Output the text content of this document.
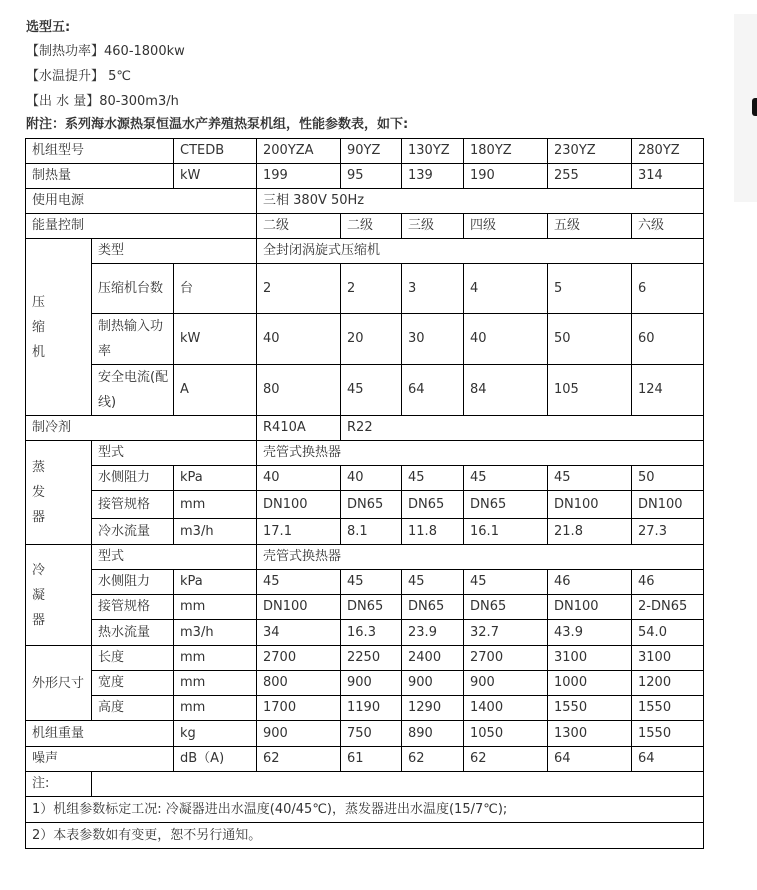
选型五:
【制热功率】460-1800kw
【水温提升】 5℃
【出 水 量】80-300m3/h
附注：系列海水源热泵恒温水产养殖热泵机组，性能参数表，如下:
机组型号		CTEDB	200YZA	90YZ	130YZ	180YZ	230YZ	280YZ
制热量		kW	199	95	139	190	255	314
使用电源			三相 380V 50Hz					
能量控制			二级	二级	三级	四级	五级	六级

压缩机	类型		全封闭涡旋式压缩机					
	压缩机台数	台	2	2	3	4	5	6
	制热输入功率	kW	40	20	30	40	50	60
	安全电流(配线)	A	80	45	64	84	105	124
制冷剂			R410A	R22				

蒸发器	型式		壳管式换热器					
	水侧阻力	kPa	40	40	45	45	45	50
	接管规格	mm	DN100	DN65	DN65	DN65	DN100	DN100
	冷水流量	m3/h	17.1	8.1	11.8	16.1	21.8	27.3

冷凝器	型式		壳管式换热器					
	水侧阻力	kPa	45	45	45	45	46	46
	接管规格	mm	DN100	DN65	DN65	DN65	DN100	2-DN65
	热水流量	m3/h	34	16.3	23.9	32.7	43.9	54.0
外形尺寸	长度	mm	2700	2250	2400	2700	3100	3100
	宽度	mm	800	900	900	900	1000	1200
	高度	mm	1700	1190	1290	1400	1550	1550
机组重量		kg	900	750	890	1050	1300	1550
噪声		dB（A)	62	61	62	62	64	64
注:								
1）机组参数标定工况: 冷凝器进出水温度(40/45℃)，蒸发器进出水温度(15/7℃);								
2）本表参数如有变更，恕不另行通知。								
